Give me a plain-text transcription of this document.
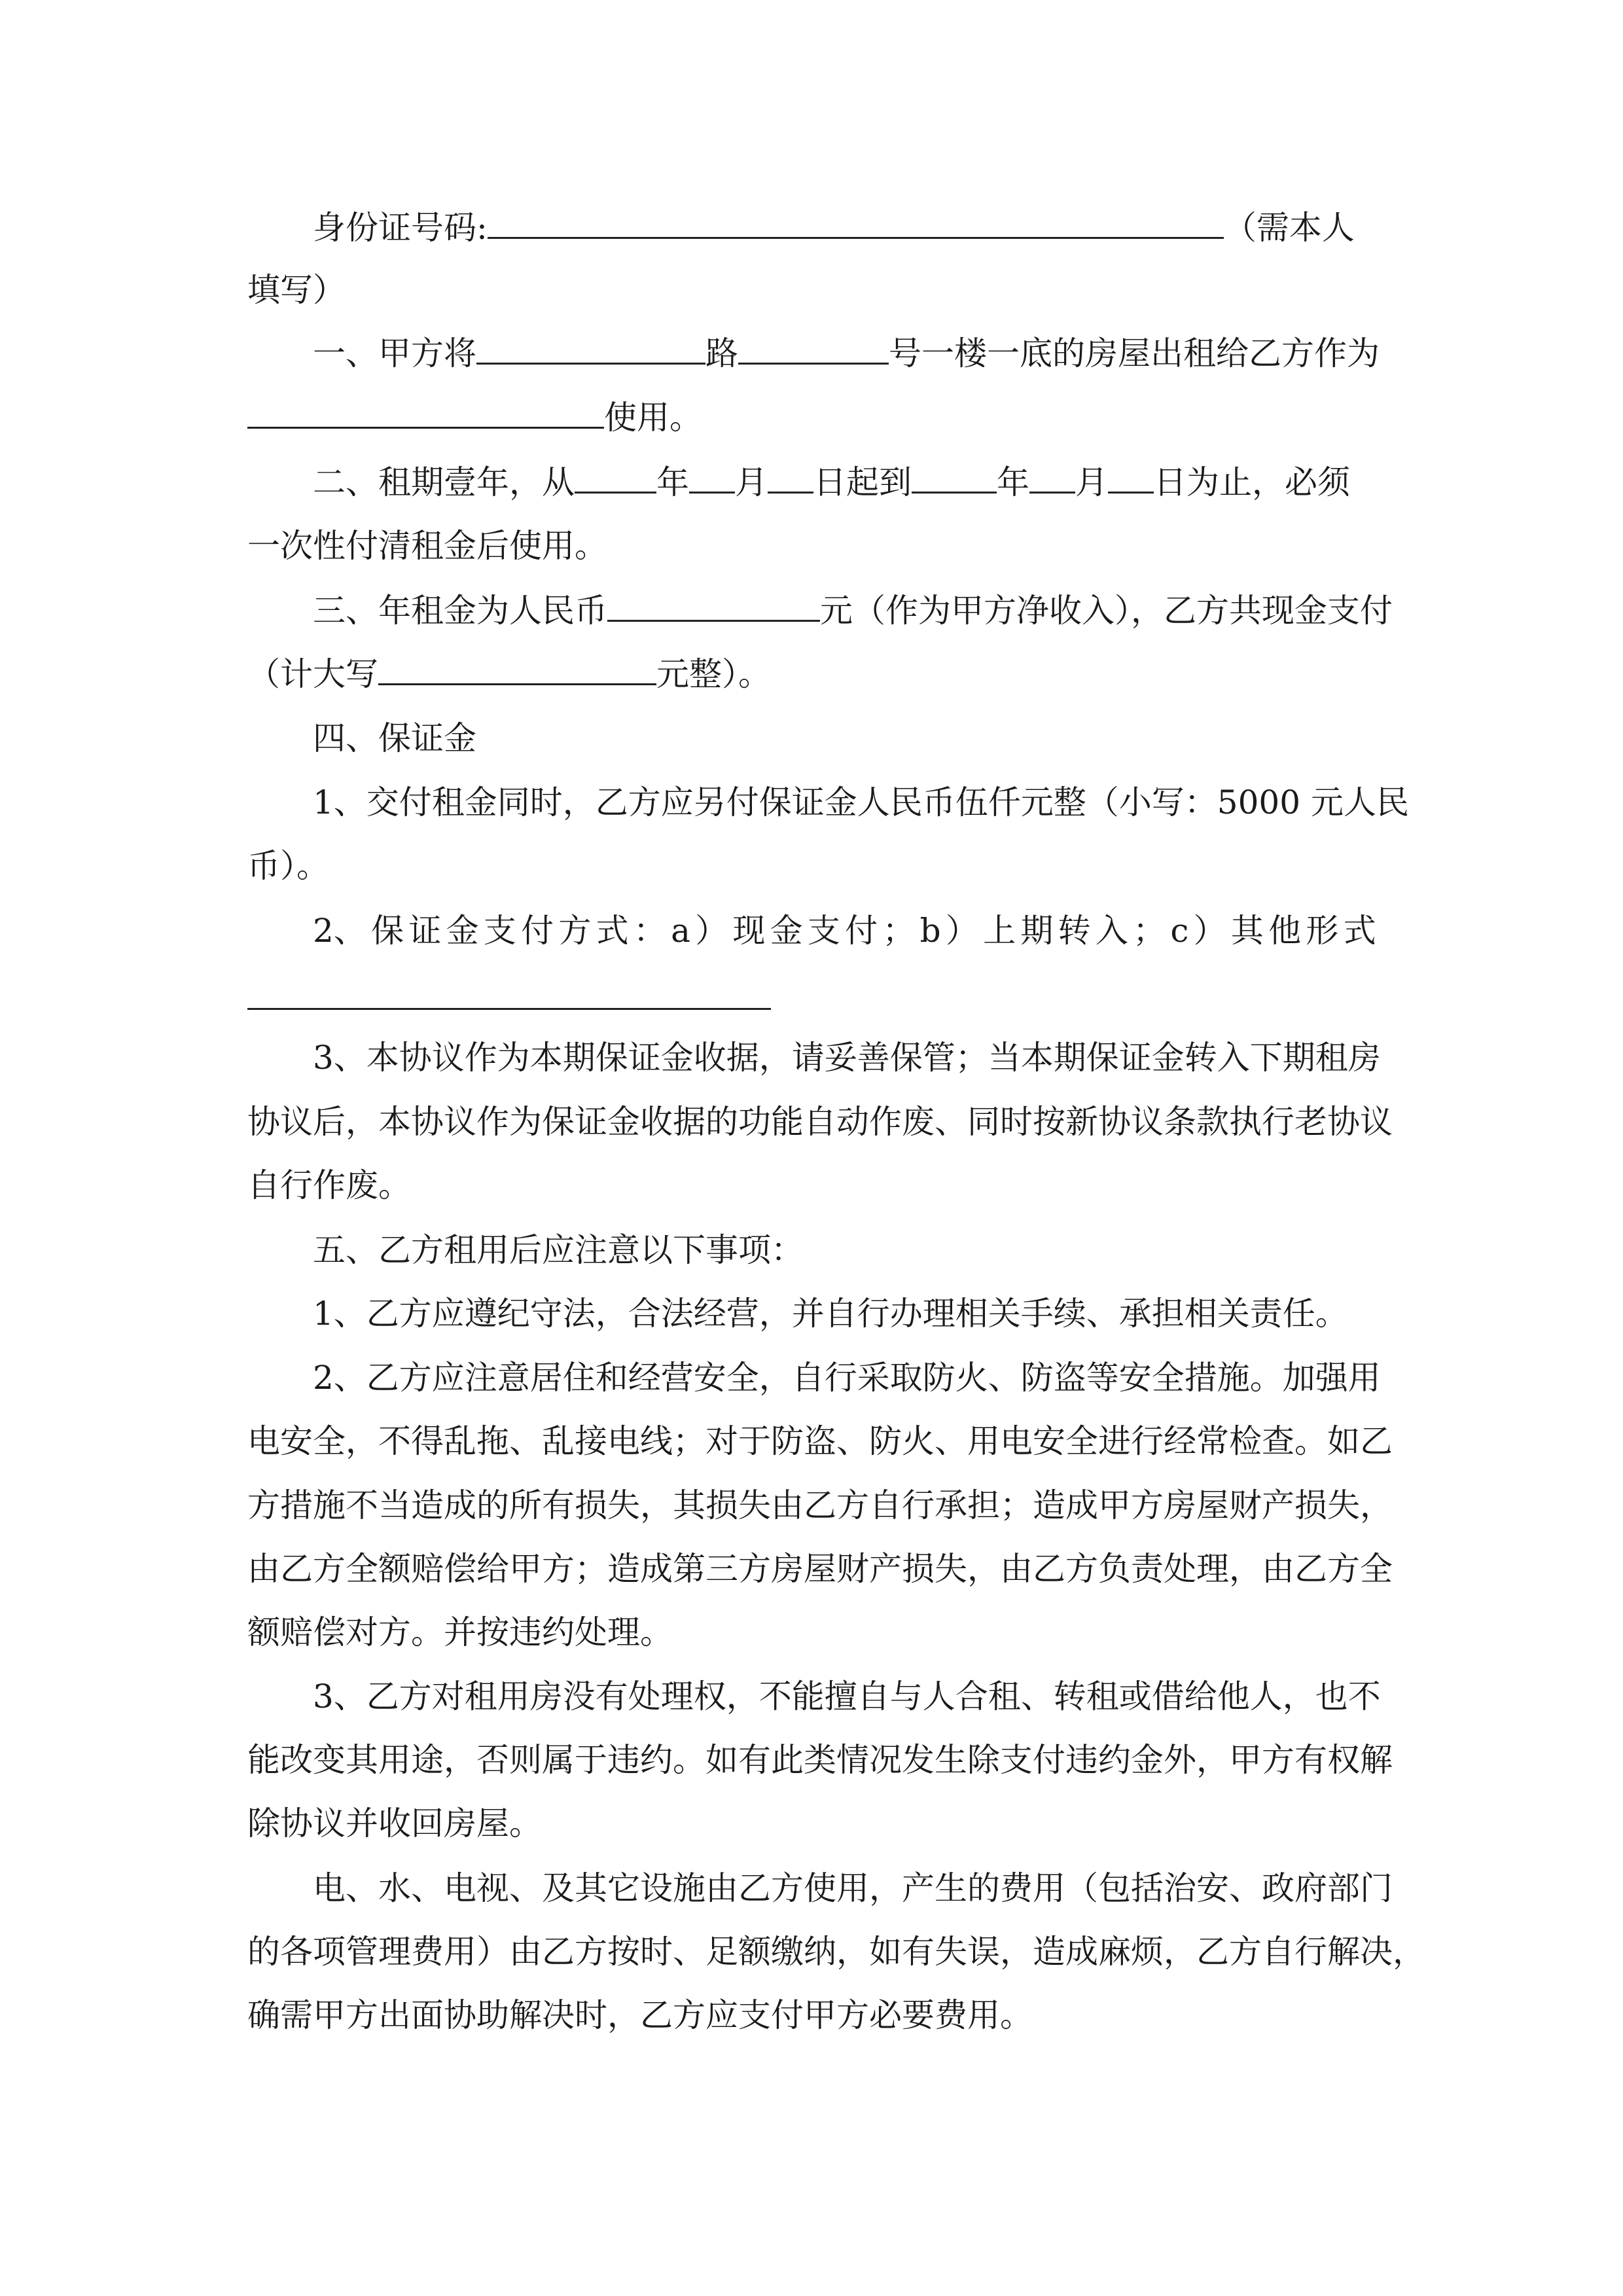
身份证号码:	（需本人
填写）
一、甲方将	路	号一楼一底的房屋出租给乙方作为
使用。
二、租期壹年，从	年 月 日起到	年 月 日为止，必须
一次性付清租金后使用。
三、年租金为人民币	元（作为甲方净收入），乙方共现金支付
（计大写	元整）。
四、保证金
1、交付租金同时，乙方应另付保证金人民币伍仟元整（小写：5000 元人民
币）。
2、 保 证 金 支 付 方 式 ： a ） 现 金 支 付 ； b ） 上 期 转 入 ； c ） 其 他 形 式
3、本协议作为本期保证金收据，请妥善保管；当本期保证金转入下期租房
协议后，本协议作为保证金收据的功能自动作废、同时按新协议条款执行老协议
自行作废。
五、乙方租用后应注意以下事项：
1、乙方应遵纪守法，合法经营，并自行办理相关手续、承担相关责任。
2、乙方应注意居住和经营安全，自行采取防火、防盗等安全措施。加强用
电安全，不得乱拖、乱接电线；对于防盗、防火、用电安全进行经常检查。如乙
方措施不当造成的所有损失，其损失由乙方自行承担；造成甲方房屋财产损失，
由乙方全额赔偿给甲方；造成第三方房屋财产损失，由乙方负责处理，由乙方全
额赔偿对方。并按违约处理。
3、乙方对租用房没有处理权，不能擅自与人合租、转租或借给他人，也不
能改变其用途，否则属于违约。如有此类情况发生除支付违约金外，甲方有权解
除协议并收回房屋。
电、水、电视、及其它设施由乙方使用，产生的费用（包括治安、政府部门
的各项管理费用）由乙方按时、足额缴纳，如有失误，造成麻烦，乙方自行解决，
确需甲方出面协助解决时，乙方应支付甲方必要费用。
